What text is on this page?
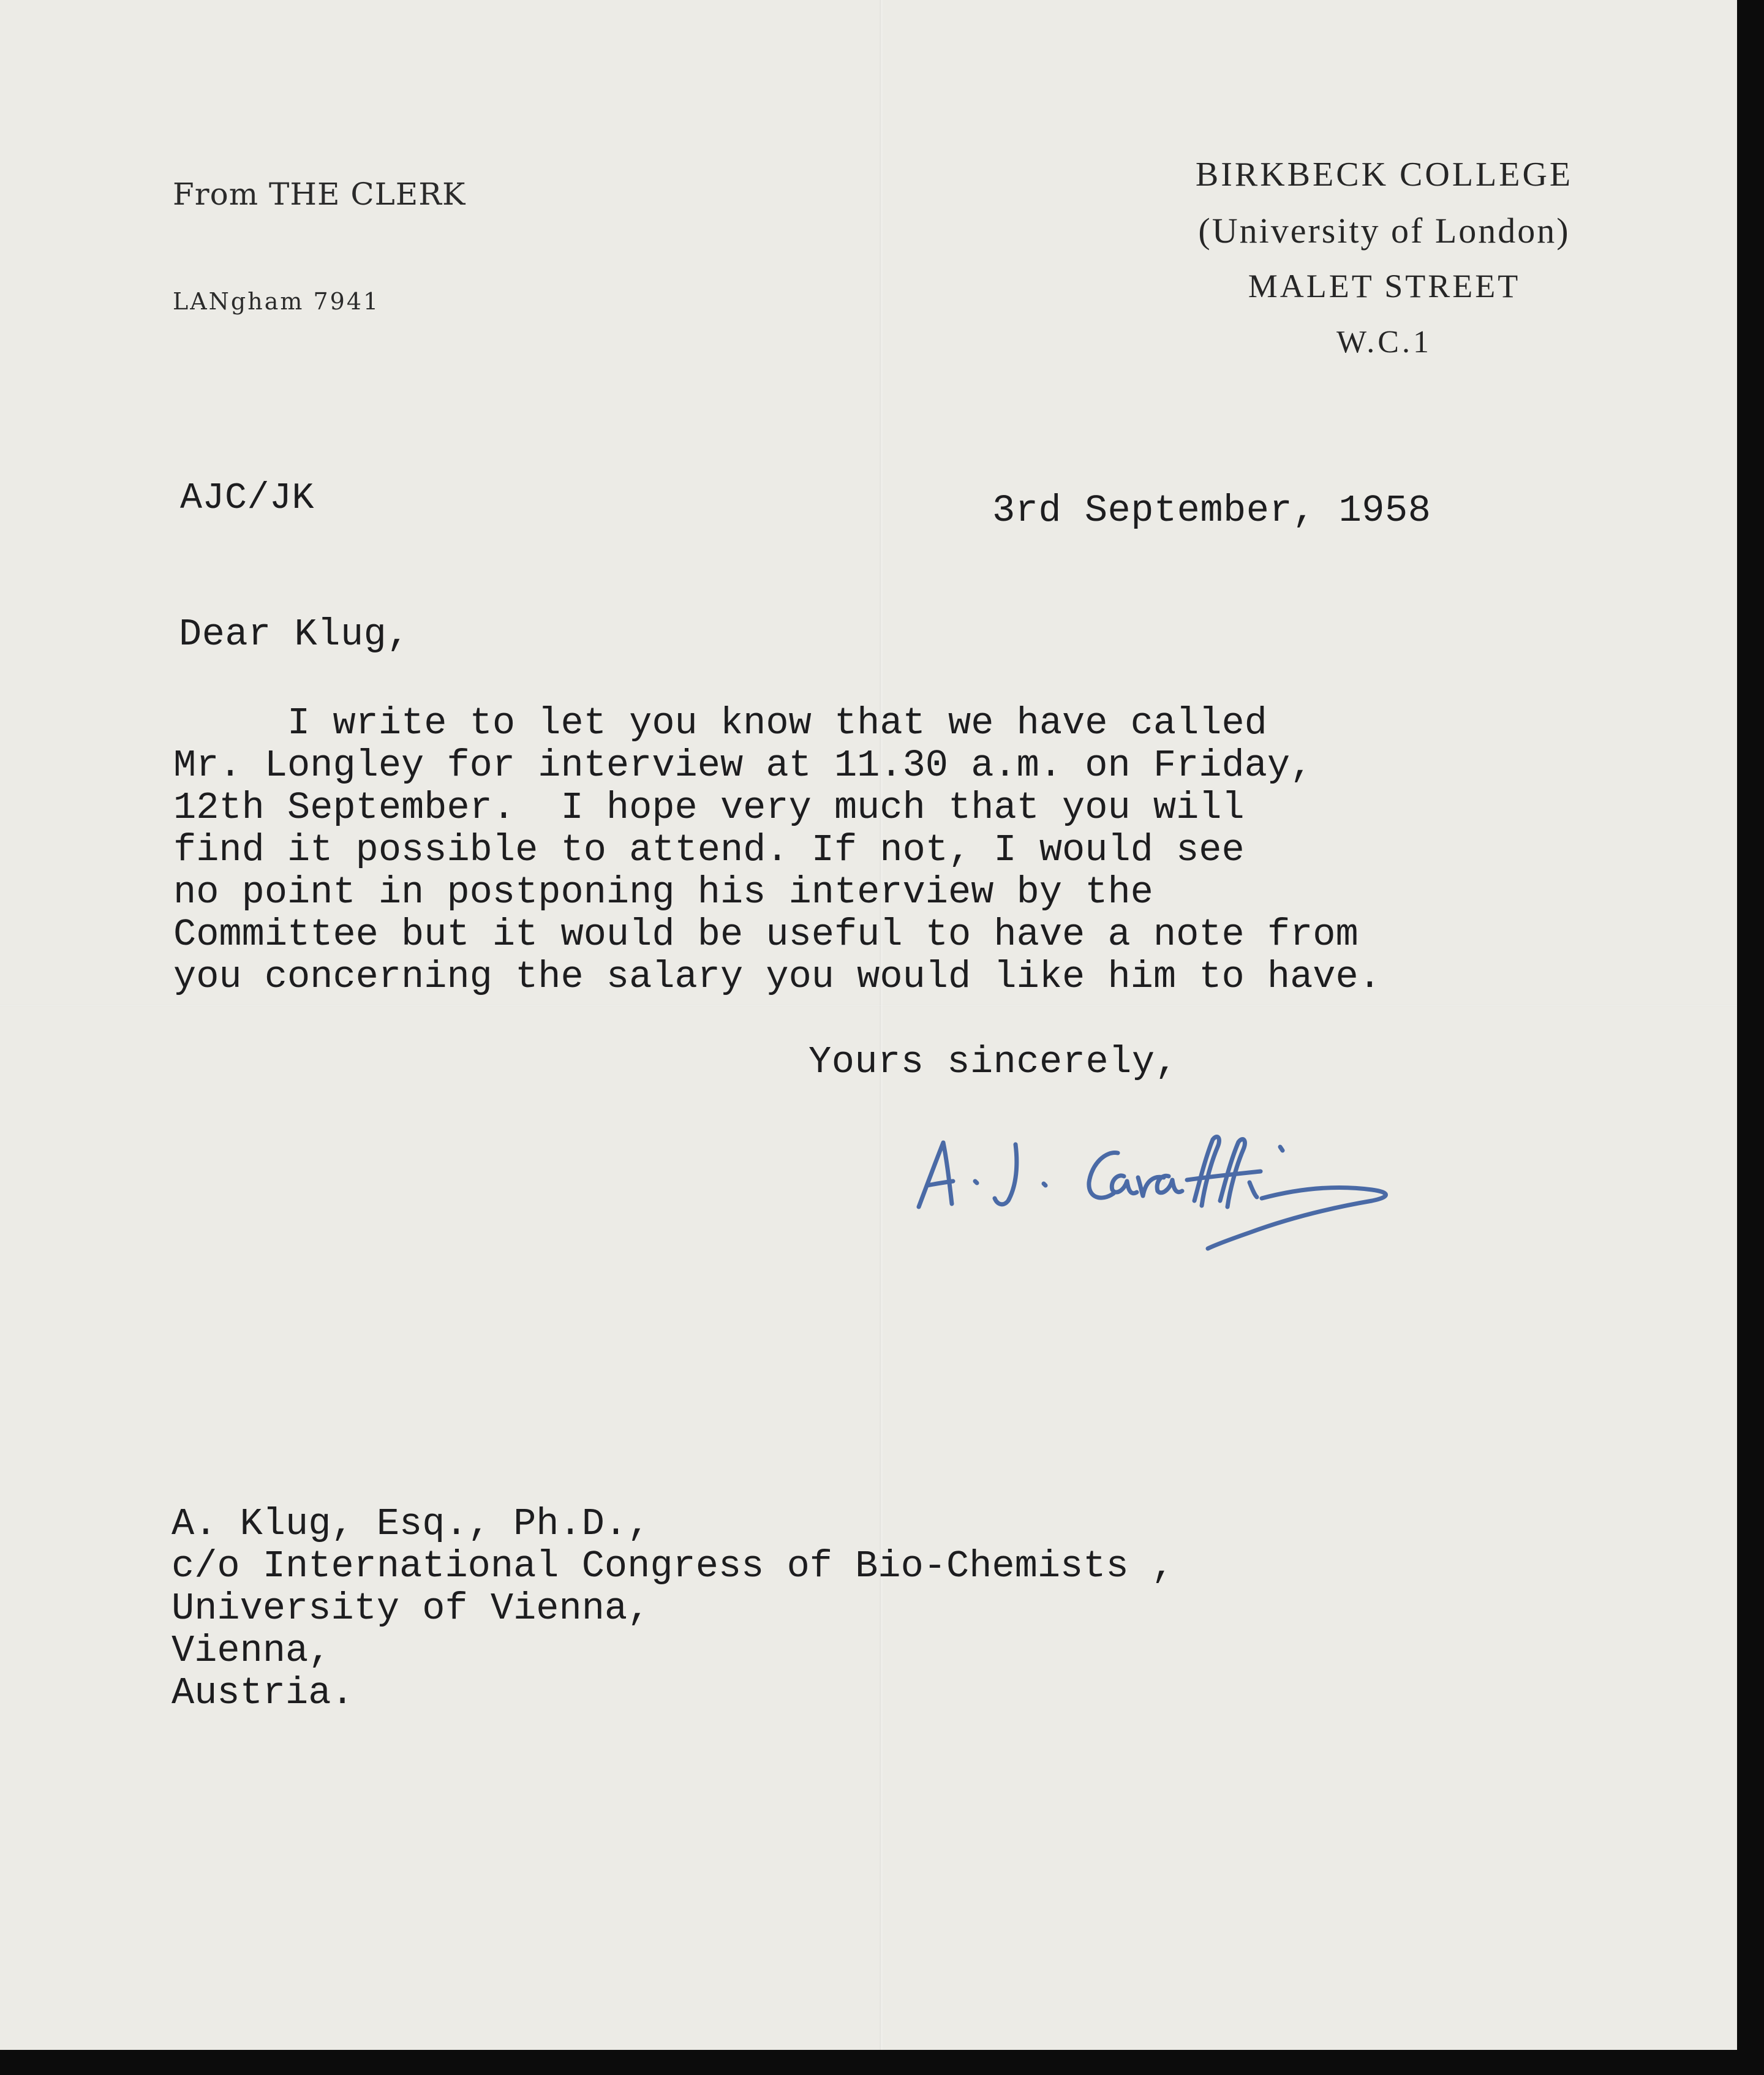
From THE CLERK
LANgham 7941
BIRKBECK COLLEGE
(University of London)
MALET STREET
W.C.1
AJC/JK	3rd September, 1958
Dear Klug,
I write to let you know that we have called
Mr. Longley for interview at 11.30 a.m. on Friday,
12th September.  I hope very much that you will
find it possible to attend. If not, I would see
no point in postponing his interview by the
Committee but it would be useful to have a note from
you concerning the salary you would like him to have.
Yours sincerely,
A. Klug, Esq., Ph.D.,
c/o International Congress of Bio-Chemists ,
University of Vienna,
Vienna,
Austria.
